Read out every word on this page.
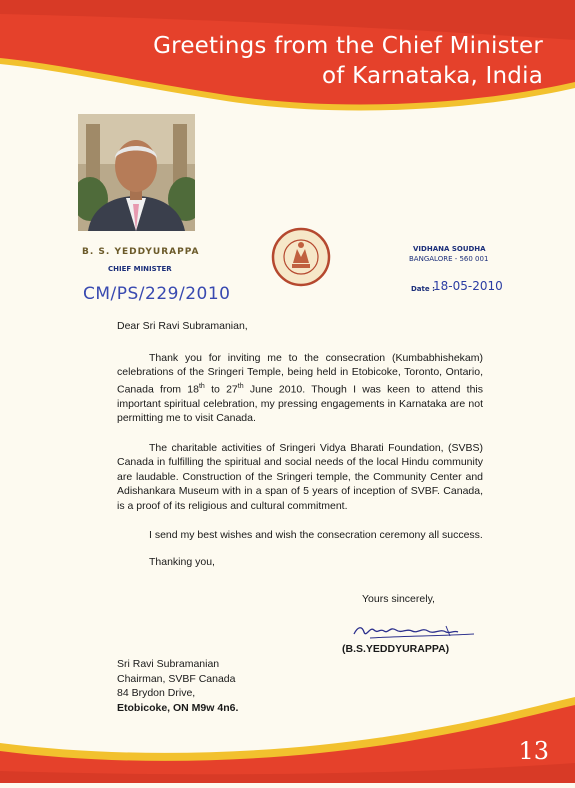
Greetings from the Chief Minister
of Karnataka, India
B. S. YEDDYURAPPA
CHIEF MINISTER
VIDHANA SOUDHA
BANGALORE - 560 001
Date :
18-05-2010
CM/PS/229/2010

Dear Sri Ravi Subramanian,

Thank you for inviting me to the consecration (Kumbabhishekam) celebrations of the Sringeri Temple, being held in Etobicoke, Toronto, Ontario, Canada from 18th to 27th June 2010. Though I was keen to attend this important spiritual celebration, my pressing engagements in Karnataka are not permitting me to visit Canada.

The charitable activities of Sringeri Vidya Bharati Foundation, (SVBS) Canada in fulfilling the spiritual and social needs of the local Hindu community are laudable. Construction of the Sringeri temple, the Community Center and Adishankara Museum with in a span of 5 years of inception of SVBF. Canada, is a proof of its religious and cultural commitment.

I send my best wishes and wish the consecration ceremony all success.

Thanking you,

Yours sincerely,
(B.S.YEDDYURAPPA)
Sri Ravi Subramanian
Chairman, SVBF Canada
84 Brydon Drive,
Etobicoke, ON M9w 4n6.
13
